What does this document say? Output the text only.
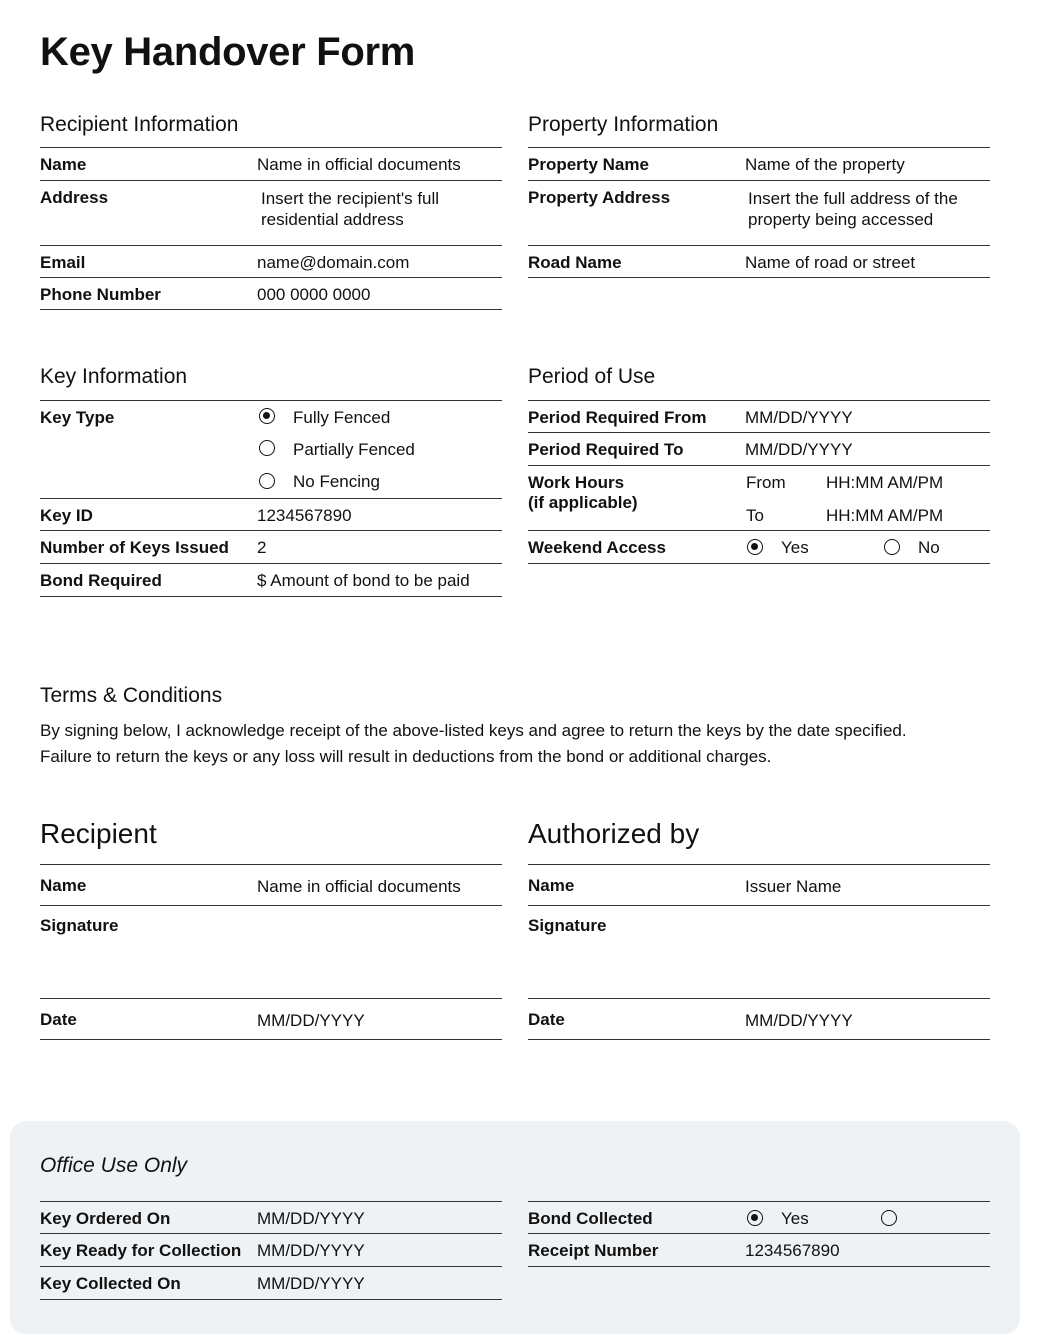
Key Handover Form
Recipient Information
Name	Name in official documents
Address	Insert the recipient's full
residential address
Email	name@domain.com
Phone Number	000 0000 0000
Property Information
Property Name	Name of the property
Property Address	Insert the full address of the
property being accessed
Road Name	Name of road or street
Key Information
Key Type	Fully Fenced
Partially Fenced
No Fencing
Key ID	1234567890
Number of Keys Issued 2
Bond Required	$ Amount of bond to be paid
Period of Use
Period Required From MM/DD/YYYY
Period Required To	MM/DD/YYYY
Work Hours
(if applicable)
From HH:MM AM/PM
To	HH:MM AM/PM
Weekend Access	Yes	No
Terms & Conditions
By signing below, I acknowledge receipt of the above-listed keys and agree to return the keys by the date specified.
Failure to return the keys or any loss will result in deductions from the bond or additional charges.
Recipient
Name	Name in official documents
Signature
Date	MM/DD/YYYY
Authorized by
Name	Issuer Name
Signature
Date	MM/DD/YYYY
Office Use Only
Key Ordered On	MM/DD/YYYY
Key Ready for Collection MM/DD/YYYY
Key Collected On	MM/DD/YYYY
Bond Collected	Yes
Receipt Number	1234567890
